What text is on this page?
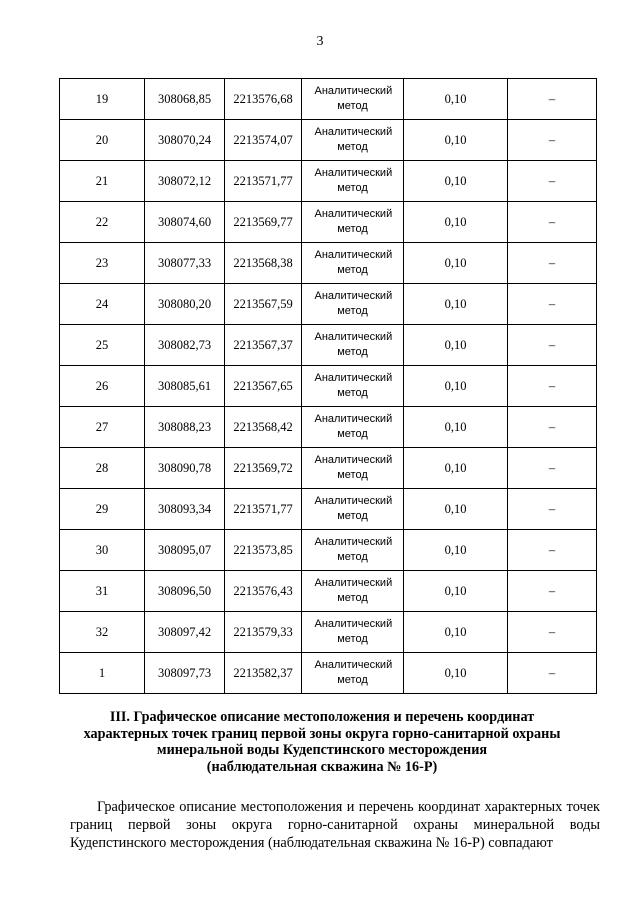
3
19	308068,85	2213576,68	Аналитический метод	0,10	–
20	308070,24	2213574,07	Аналитический метод	0,10	–
21	308072,12	2213571,77	Аналитический метод	0,10	–
22	308074,60	2213569,77	Аналитический метод	0,10	–
23	308077,33	2213568,38	Аналитический метод	0,10	–
24	308080,20	2213567,59	Аналитический метод	0,10	–
25	308082,73	2213567,37	Аналитический метод	0,10	–
26	308085,61	2213567,65	Аналитический метод	0,10	–
27	308088,23	2213568,42	Аналитический метод	0,10	–
28	308090,78	2213569,72	Аналитический метод	0,10	–
29	308093,34	2213571,77	Аналитический метод	0,10	–
30	308095,07	2213573,85	Аналитический метод	0,10	–
31	308096,50	2213576,43	Аналитический метод	0,10	–
32	308097,42	2213579,33	Аналитический метод	0,10	–
1	308097,73	2213582,37	Аналитический метод	0,10	–
III. Графическое описание местоположения и перечень координат
характерных точек границ первой зоны округа горно-санитарной охраны
минеральной воды Кудепстинского месторождения
(наблюдательная скважина № 16-Р)

Графическое описание местоположения и перечень координат характерных точек границ первой зоны округа горно-санитарной охраны минеральной воды Кудепстинского месторождения (наблюдательная скважина № 16-Р) совпадают
